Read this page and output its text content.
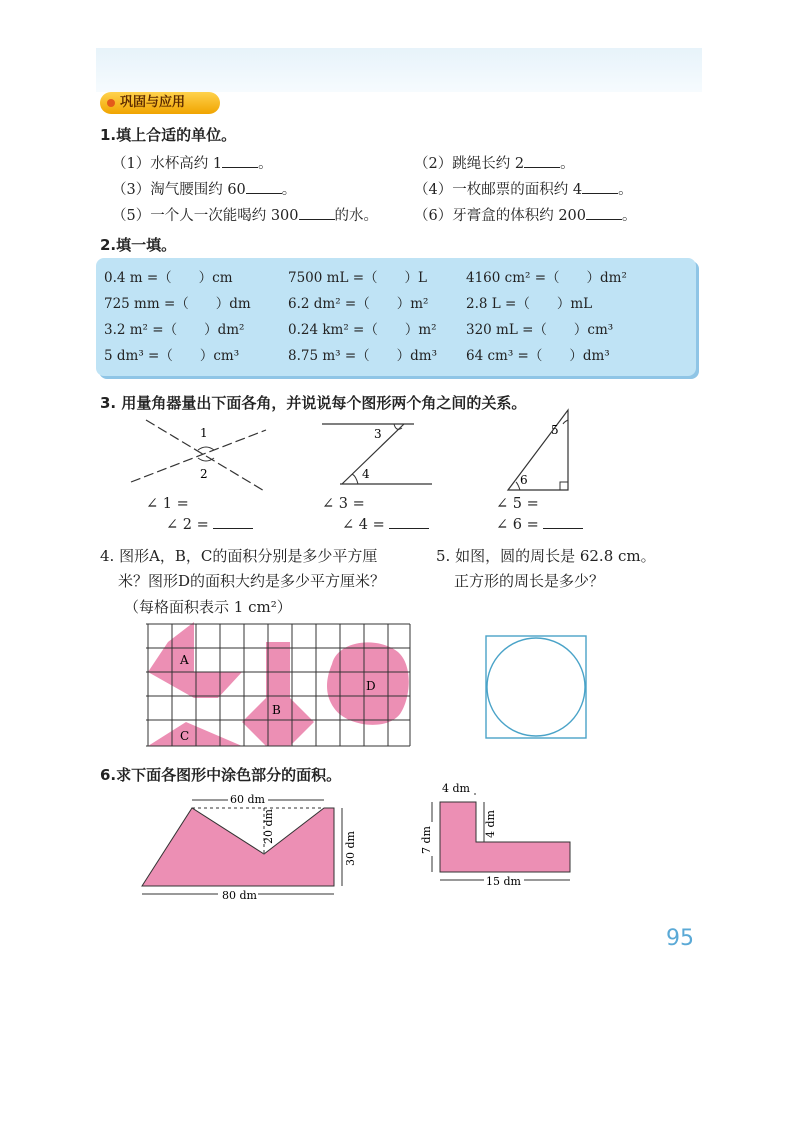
巩固与应用
1.填上合适的单位。
（1）水杯高约 1 。	（2）跳绳长约 2 。
（3）淘气腰围约 60 。	（4）一枚邮票的面积约 4 。
（5）一个人一次能喝约 300 的水。 （6）牙膏盒的体积约 200 。
2.填一填。
0.4 m =（　　）cm	7500 mL =（　　）L	4160 cm² =（　　）dm²
725 mm =（　　）dm	6.2 dm² =（　　）m²	2.8 L =（　　）mL
3.2 m² =（　　）dm²	0.24 km² =（　　）m² 320 mL =（　　）cm³
5 dm³ =（　　）cm³	8.75 m³ =（　　）dm³ 64 cm³ =（　　）dm³
3. 用量角器量出下面各角，并说说每个图形两个角之间的关系。
1
2
3
4
5
6
∠ 1 =
∠ 2 =
∠ 3 =
∠ 4 =
∠ 5 =
∠ 6 =
4. 图形A，B，C的面积分别是多少平方厘
米？图形D的面积大约是多少平方厘米？
（每格面积表示 1 cm²）
5. 如图，圆的周长是 62.8 cm。
正方形的周长是多少？
A
B
C
D
6.求下面各图形中涂色部分的面积。
60 dm
20 dm
30 dm
80 dm
4 dm
4 dm
7 dm
15 dm
95
